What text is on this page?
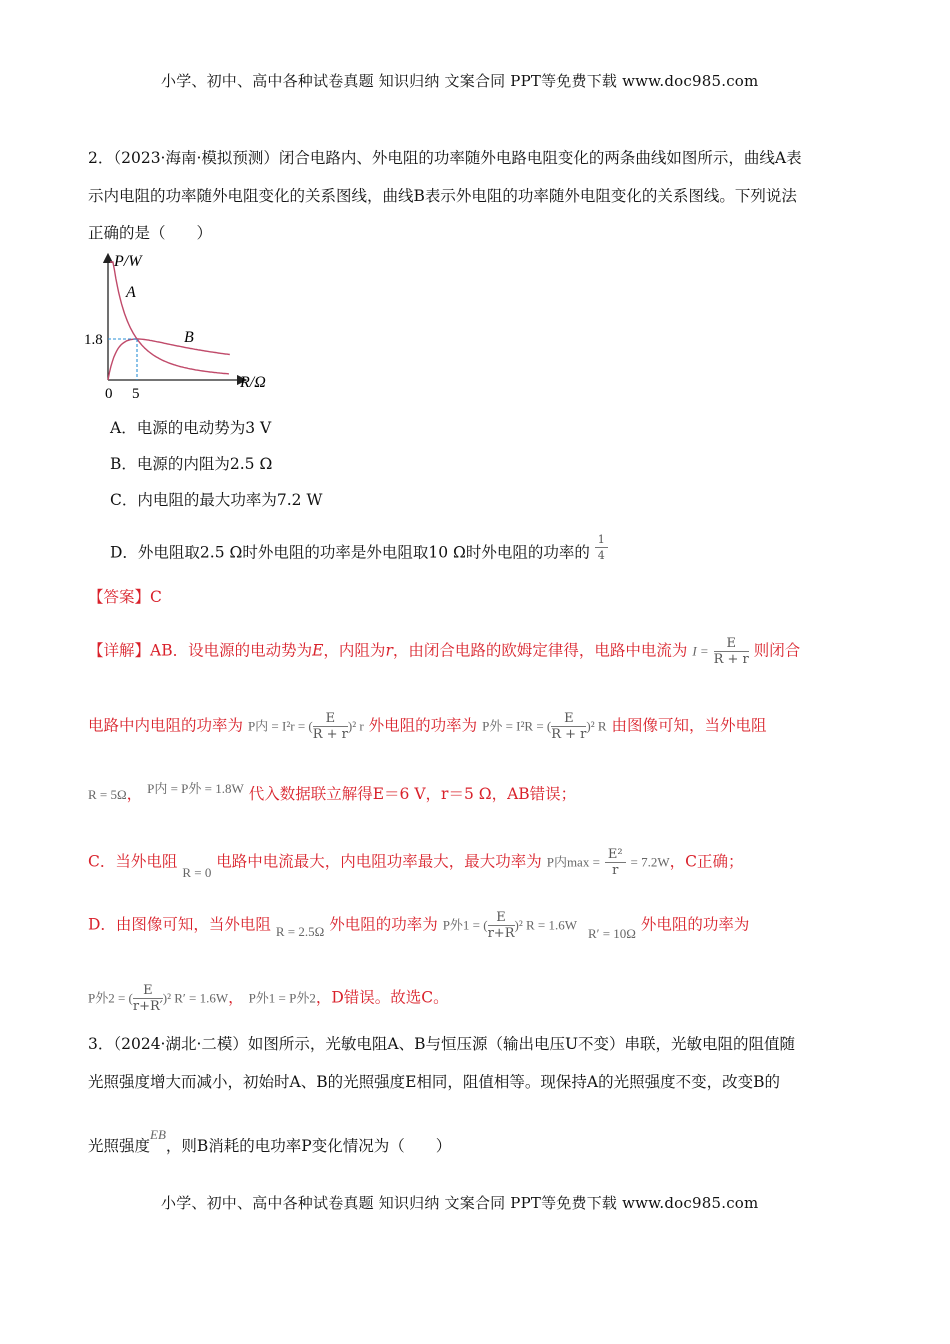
小学、初中、高中各种试卷真题 知识归纳 文案合同 PPT等免费下载 www.doc985.com
2．（2023·海南·模拟预测）闭合电路内、外电阻的功率随外电路电阻变化的两条曲线如图所示，曲线A表
示内电阻的功率随外电阻变化的关系图线，曲线B表示外电阻的功率随外电阻变化的关系图线。下列说法
正确的是（　　）
P/W
R/Ω
1.8
0 5
A
B
A．电源的电动势为3 V
B．电源的内阻为2.5 Ω
C．内电阻的最大功率为7.2 W
D．外电阻取2.5 Ω时外电阻的功率是外电阻取10 Ω时外电阻的功率的 $\frac{1}{4}$
【答案】C
【详解】AB．设电源的电动势为E，内阻为r，由闭合电路的欧姆定律得，电路中电流为 $I = \frac{E}{R + r}$ 则闭合
电路中内电阻的功率为 P内 = I²r = ( $\frac{E}{R + r} )^2$ r 外电阻的功率为 P外 = I²R = ( $\frac{E}{R + r} )^2$ R 由图像可知，当外电阻
R = 5Ω， $^{P内 = P外 = 1.8W}$ 代入数据联立解得E＝6 V，r＝5 Ω，AB错误；
C．当外电阻 $_{R = 0}$ 电路中电流最大，内电阻功率最大，最大功率为 P内$\max = \frac{\text{E²}}{r} = 7.2W$，C正确；
D．由图像可知，当外电阻 $_{R = 2.5\Omega}$ 外电阻的功率为 P外1 = ( $\frac{E}{r+R} )^2$ R = 1.6W $_{R' = 10\Omega}$ 外电阻的功率为
P外2 = ( $\frac{E}{r+R'} )^2$ R′ = 1.6W， P外1 = P外2，D错误。故选C。
3．（2024·湖北·二模）如图所示，光敏电阻A、B与恒压源（输出电压U不变）串联，光敏电阻的阻值随
光照强度增大而减小，初始时A、B的光照强度E相同，阻值相等。现保持A的光照强度不变，改变B的
光照强度$^{EB}$，则B消耗的电功率P变化情况为（　　）
小学、初中、高中各种试卷真题 知识归纳 文案合同 PPT等免费下载 www.doc985.com
